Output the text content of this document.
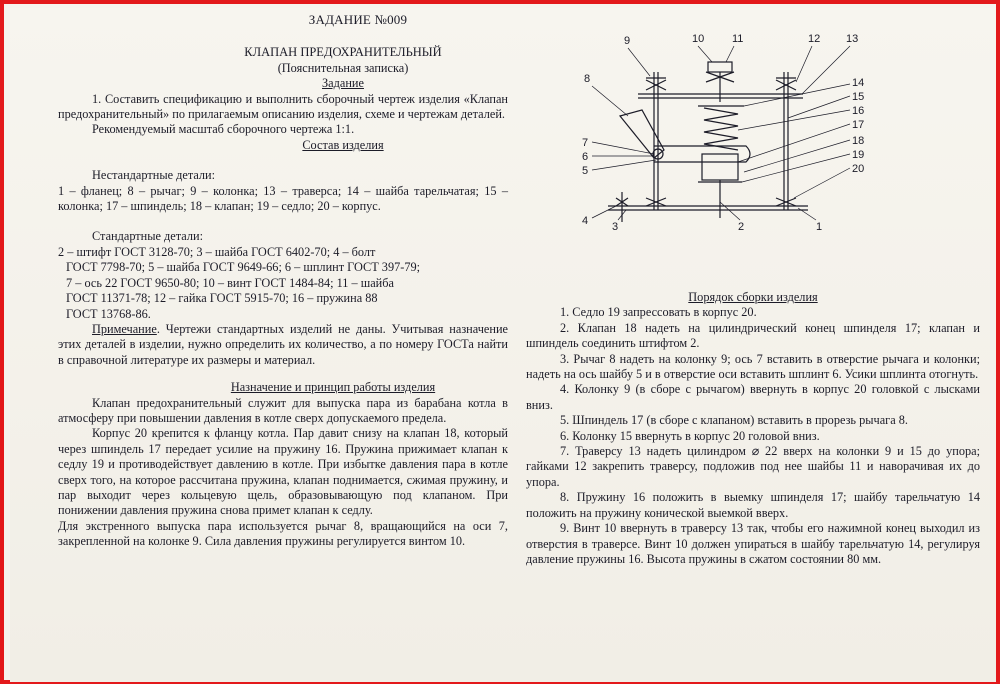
ЗАДАНИЕ №009

КЛАПАН ПРЕДОХРАНИТЕЛЬНЫЙ

(Пояснительная записка)

Задание

1. Составить спецификацию и выполнить сборочный чертеж изделия «Клапан предохранительный» по прилагаемым описанию изделия, схеме и чертежам деталей.

Рекомендуемый масштаб сборочного чертежа 1:1.

Состав изделия

Нестандартные детали:

1 – фланец; 8 – рычаг; 9 – колонка; 13 – траверса; 14 – шайба тарельчатая; 15 – колонка; 17 – шпиндель; 18 – клапан; 19 – седло; 20 – корпус.

Стандартные детали:

2 – штифт ГОСТ 3128-70; 3 – шайба ГОСТ 6402-70; 4 – болт

ГОСТ 7798-70; 5 – шайба ГОСТ 9649-66; 6 – шплинт ГОСТ 397-79;

7 – ось 22 ГОСТ 9650-80; 10 – винт ГОСТ 1484-84; 11 – шайба

ГОСТ 11371-78; 12 – гайка ГОСТ 5915-70; 16 – пружина 88

ГОСТ 13768-86.

Примечание. Чертежи стандартных изделий не даны. Учитывая назначение этих деталей в изделии, нужно определить их количество, а по номеру ГОСТа найти в справочной литературе их размеры и материал.

Назначение и принцип работы изделия

Клапан предохранительный служит для выпуска пара из барабана котла в атмосферу при повышении давления в котле сверх допускаемого предела.

Корпус 20 крепится к фланцу котла. Пар давит снизу на клапан 18, который через шпиндель 17 передает усилие на пружину 16. Пружина прижимает клапан к седлу 19 и противодействует давлению в котле. При избытке давления пара в котле сверх того, на которое рассчитана пружина, клапан поднимается, сжимая пружину, и пар выходит через кольцевую щель, образовывающую под клапаном. При понижении давления пружина снова примет клапан к седлу.

Для экстренного выпуска пара используется рычаг 8, вращающийся на оси 7, закрепленной на колонке 9. Сила давления пружины регулируется винтом 10.

9	10	11	12 13
8	14
15
16
17
18
19
20
7
6
5
4 3	2	1

Порядок сборки изделия

1. Седло 19 запрессовать в корпус 20.

2. Клапан 18 надеть на цилиндрический конец шпинделя 17; клапан и шпиндель соединить штифтом 2.

3. Рычаг 8 надеть на колонку 9; ось 7 вставить в отверстие рычага и колонки; надеть на ось шайбу 5 и в отверстие оси вставить шплинт 6. Усики шплинта отогнуть.

4. Колонку 9 (в сборе с рычагом) ввернуть в корпус 20 головкой с лысками вниз.

5. Шпиндель 17 (в сборе с клапаном) вставить в прорезь рычага 8.

6. Колонку 15 ввернуть в корпус 20 головой вниз.

7. Траверсу 13 надеть цилиндром ⌀ 22 вверх на колонки 9 и 15 до упора; гайками 12 закрепить траверсу, подложив под нее шайбы 11 и наворачивая их до упора.

8. Пружину 16 положить в выемку шпинделя 17; шайбу тарельчатую 14 положить на пружину конической выемкой вверх.

9. Винт 10 ввернуть в траверсу 13 так, чтобы его нажимной конец выходил из отверстия в траверсе. Винт 10 должен упираться в шайбу тарельчатую 14, регулируя давление пружины 16. Высота пружины в сжатом состоянии 80 мм.
